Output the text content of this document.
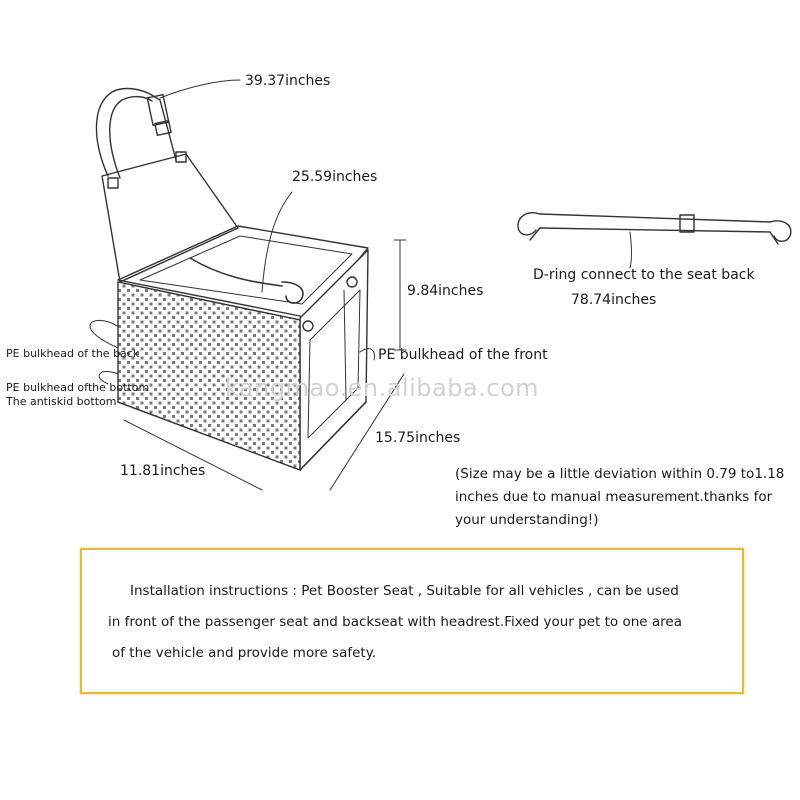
39.37inches
25.59inches
9.84inches
15.75inches
11.81inches
78.74inches
D-ring connect to the seat back
PE bulkhead of the front
PE bulkhead of the back
PE bulkhead ofthe bottom
The antiskid bottom	kangmao.en.alibaba.com
(Size may be a little deviation within 0.79 to1.18
inches due to manual measurement.thanks for
your understanding!)
Installation instructions : Pet Booster Seat , Suitable for all vehicles , can be used
in front of the passenger seat and backseat with headrest.Fixed your pet to one area
of the vehicle and provide more safety.
